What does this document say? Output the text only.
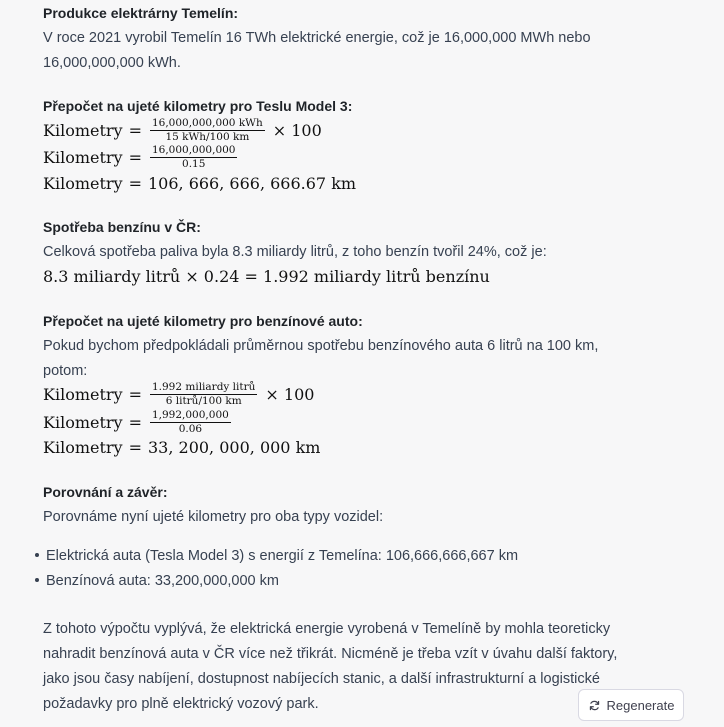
Produkce elektrárny Temelín:
V roce 2021 vyrobil Temelín 16 TWh elektrické energie, což je 16,000,000 MWh nebo
16,000,000,000 kWh.
Přepočet na ujeté kilometry pro Teslu Model 3:
Kilometry = $\frac{\text{16,000,000,000 kWh}}{\text{15 kWh/100 km}} \times 100$
Kilometry = $\frac{16,000,000,000}{0.15}$
Kilometry = 106, 666, 666, 666.67 km
Spotřeba benzínu v ČR:
Celková spotřeba paliva byla 8.3 miliardy litrů, z toho benzín tvořil 24%, což je:
8.3 miliardy litrů × 0.24 = 1.992 miliardy litrů benzínu
Přepočet na ujeté kilometry pro benzínové auto:
Pokud bychom předpokládali průměrnou spotřebu benzínového auta 6 litrů na 100 km,
potom:
Kilometry = $\frac{\text{1.992 miliardy litrů}}{\text{6 litrů/100 km}} \times 100$
Kilometry = $\frac{1,992,000,000}{0.06}$
Kilometry = 33, 200, 000, 000 km
Porovnání a závěr:
Porovnáme nyní ujeté kilometry pro oba typy vozidel:
Elektrická auta (Tesla Model 3) s energií z Temelína: 106,666,666,667 km
Benzínová auta: 33,200,000,000 km
Z tohoto výpočtu vyplývá, že elektrická energie vyrobená v Temelíně by mohla teoreticky
nahradit benzínová auta v ČR více než třikrát. Nicméně je třeba vzít v úvahu další faktory,
jako jsou časy nabíjení, dostupnost nabíjecích stanic, a další infrastrukturní a logistické
požadavky pro plně elektrický vozový park.	Regenerate
